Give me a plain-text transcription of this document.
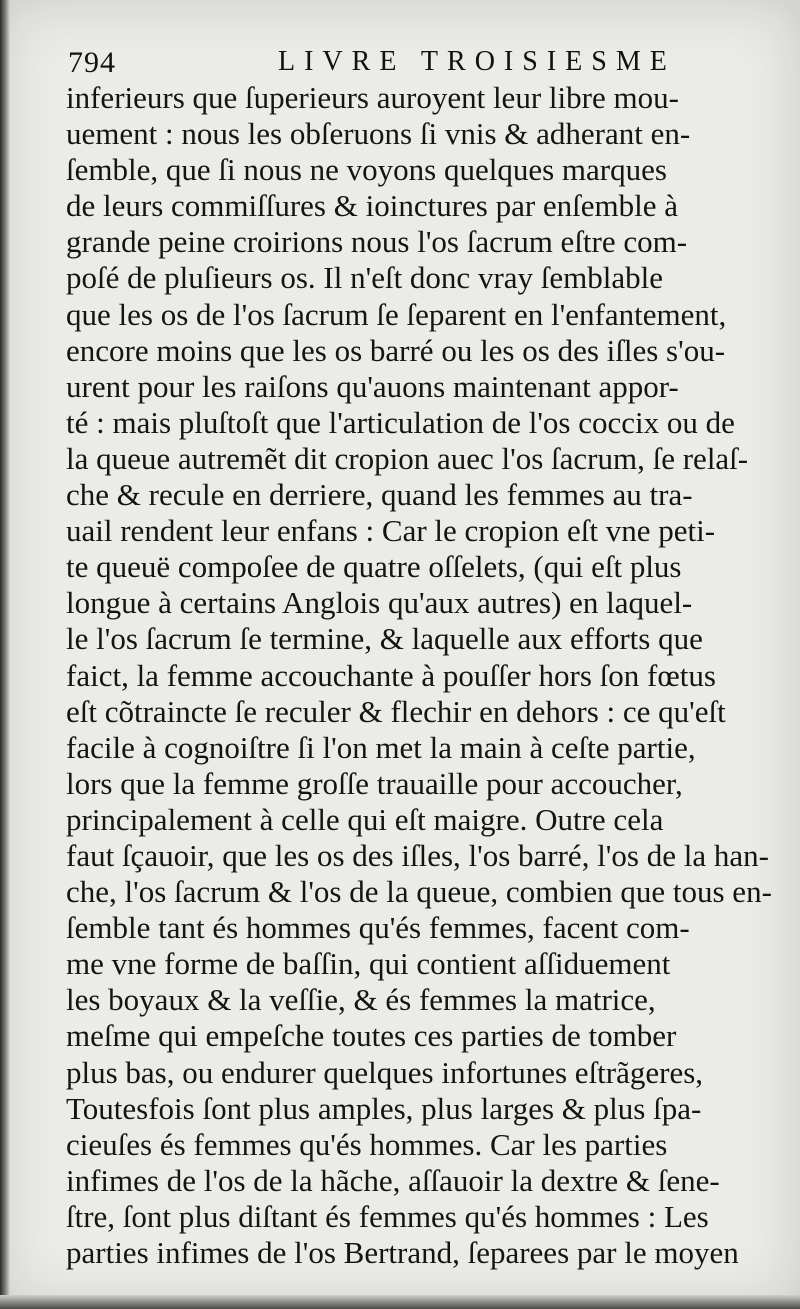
794	LIVRE TROISIESME
inferieurs que ſuperieurs auroyent leur libre mou-
uement : nous les obſeruons ſi vnis & adherant en-
ſemble, que ſi nous ne voyons quelques marques
de leurs commiſſures & ioinctures par enſemble à
grande peine croirions nous l'os ſacrum eſtre com-
poſé de pluſieurs os. Il n'eſt donc vray ſemblable
que les os de l'os ſacrum ſe ſeparent en l'enfantement,
encore moins que les os barré ou les os des iſles s'ou-
urent pour les raiſons qu'auons maintenant appor-
té : mais pluſtoſt que l'articulation de l'os coccix ou de
la queue autremẽt dit cropion auec l'os ſacrum, ſe relaſ-
che & recule en derriere, quand les femmes au tra-
uail rendent leur enfans : Car le cropion eſt vne peti-
te queuë compoſee de quatre oſſelets, (qui eſt plus
longue à certains Anglois qu'aux autres) en laquel-
le l'os ſacrum ſe termine, & laquelle aux efforts que
faict, la femme accouchante à pouſſer hors ſon fœtus
eſt cõtraincte ſe reculer & flechir en dehors : ce qu'eſt
facile à cognoiſtre ſi l'on met la main à ceſte partie,
lors que la femme groſſe trauaille pour accoucher,
principalement à celle qui eſt maigre. Outre cela
faut ſçauoir, que les os des iſles, l'os barré, l'os de la han-
che, l'os ſacrum & l'os de la queue, combien que tous en-
ſemble tant és hommes qu'és femmes, facent com-
me vne forme de baſſin, qui contient aſſiduement
les boyaux & la veſſie, & és femmes la matrice,
meſme qui empeſche toutes ces parties de tomber
plus bas, ou endurer quelques infortunes eſtrãgeres,
Toutesfois ſont plus amples, plus larges & plus ſpa-
cieuſes és femmes qu'és hommes. Car les parties
infimes de l'os de la hãche, aſſauoir la dextre & ſene-
ſtre, ſont plus diſtant és femmes qu'és hommes : Les
parties infimes de l'os Bertrand, ſeparees par le moyen
